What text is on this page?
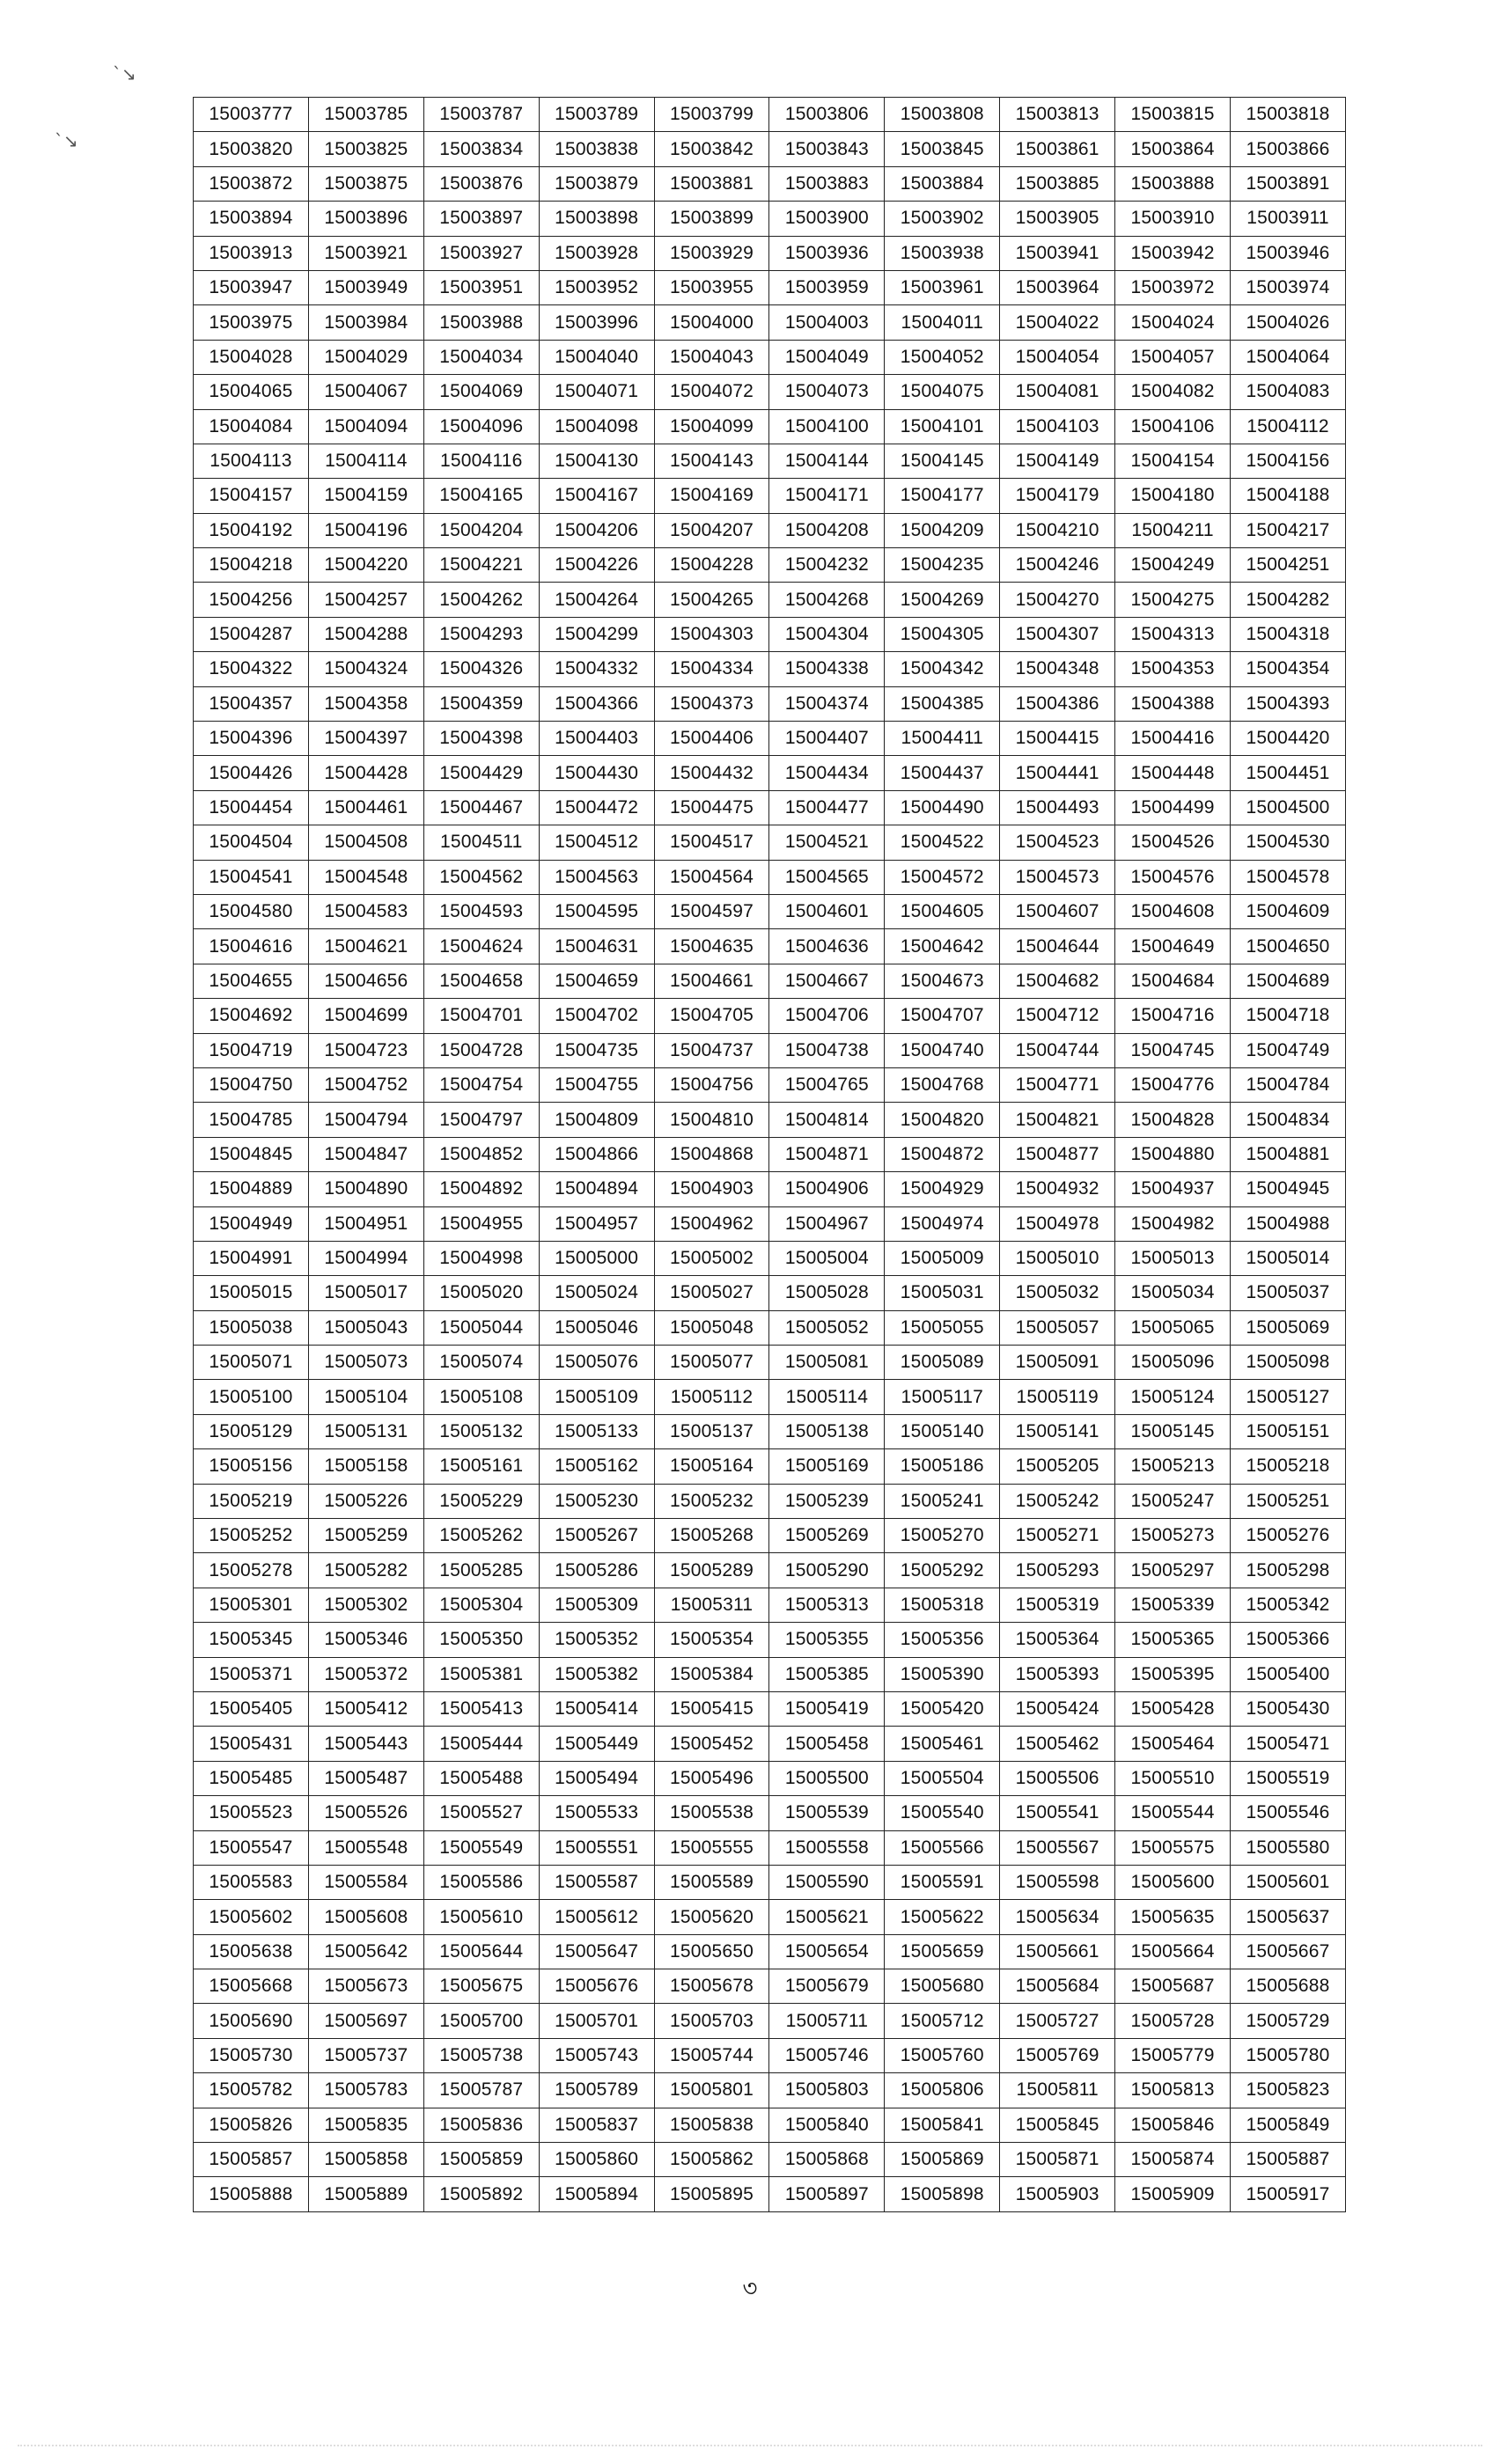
`↘
`↘
15003777	15003785	15003787	15003789	15003799	15003806	15003808	15003813	15003815	15003818
15003820	15003825	15003834	15003838	15003842	15003843	15003845	15003861	15003864	15003866
15003872	15003875	15003876	15003879	15003881	15003883	15003884	15003885	15003888	15003891
15003894	15003896	15003897	15003898	15003899	15003900	15003902	15003905	15003910	15003911
15003913	15003921	15003927	15003928	15003929	15003936	15003938	15003941	15003942	15003946
15003947	15003949	15003951	15003952	15003955	15003959	15003961	15003964	15003972	15003974
15003975	15003984	15003988	15003996	15004000	15004003	15004011	15004022	15004024	15004026
15004028	15004029	15004034	15004040	15004043	15004049	15004052	15004054	15004057	15004064
15004065	15004067	15004069	15004071	15004072	15004073	15004075	15004081	15004082	15004083
15004084	15004094	15004096	15004098	15004099	15004100	15004101	15004103	15004106	15004112
15004113	15004114	15004116	15004130	15004143	15004144	15004145	15004149	15004154	15004156
15004157	15004159	15004165	15004167	15004169	15004171	15004177	15004179	15004180	15004188
15004192	15004196	15004204	15004206	15004207	15004208	15004209	15004210	15004211	15004217
15004218	15004220	15004221	15004226	15004228	15004232	15004235	15004246	15004249	15004251
15004256	15004257	15004262	15004264	15004265	15004268	15004269	15004270	15004275	15004282
15004287	15004288	15004293	15004299	15004303	15004304	15004305	15004307	15004313	15004318
15004322	15004324	15004326	15004332	15004334	15004338	15004342	15004348	15004353	15004354
15004357	15004358	15004359	15004366	15004373	15004374	15004385	15004386	15004388	15004393
15004396	15004397	15004398	15004403	15004406	15004407	15004411	15004415	15004416	15004420
15004426	15004428	15004429	15004430	15004432	15004434	15004437	15004441	15004448	15004451
15004454	15004461	15004467	15004472	15004475	15004477	15004490	15004493	15004499	15004500
15004504	15004508	15004511	15004512	15004517	15004521	15004522	15004523	15004526	15004530
15004541	15004548	15004562	15004563	15004564	15004565	15004572	15004573	15004576	15004578
15004580	15004583	15004593	15004595	15004597	15004601	15004605	15004607	15004608	15004609
15004616	15004621	15004624	15004631	15004635	15004636	15004642	15004644	15004649	15004650
15004655	15004656	15004658	15004659	15004661	15004667	15004673	15004682	15004684	15004689
15004692	15004699	15004701	15004702	15004705	15004706	15004707	15004712	15004716	15004718
15004719	15004723	15004728	15004735	15004737	15004738	15004740	15004744	15004745	15004749
15004750	15004752	15004754	15004755	15004756	15004765	15004768	15004771	15004776	15004784
15004785	15004794	15004797	15004809	15004810	15004814	15004820	15004821	15004828	15004834
15004845	15004847	15004852	15004866	15004868	15004871	15004872	15004877	15004880	15004881
15004889	15004890	15004892	15004894	15004903	15004906	15004929	15004932	15004937	15004945
15004949	15004951	15004955	15004957	15004962	15004967	15004974	15004978	15004982	15004988
15004991	15004994	15004998	15005000	15005002	15005004	15005009	15005010	15005013	15005014
15005015	15005017	15005020	15005024	15005027	15005028	15005031	15005032	15005034	15005037
15005038	15005043	15005044	15005046	15005048	15005052	15005055	15005057	15005065	15005069
15005071	15005073	15005074	15005076	15005077	15005081	15005089	15005091	15005096	15005098
15005100	15005104	15005108	15005109	15005112	15005114	15005117	15005119	15005124	15005127
15005129	15005131	15005132	15005133	15005137	15005138	15005140	15005141	15005145	15005151
15005156	15005158	15005161	15005162	15005164	15005169	15005186	15005205	15005213	15005218
15005219	15005226	15005229	15005230	15005232	15005239	15005241	15005242	15005247	15005251
15005252	15005259	15005262	15005267	15005268	15005269	15005270	15005271	15005273	15005276
15005278	15005282	15005285	15005286	15005289	15005290	15005292	15005293	15005297	15005298
15005301	15005302	15005304	15005309	15005311	15005313	15005318	15005319	15005339	15005342
15005345	15005346	15005350	15005352	15005354	15005355	15005356	15005364	15005365	15005366
15005371	15005372	15005381	15005382	15005384	15005385	15005390	15005393	15005395	15005400
15005405	15005412	15005413	15005414	15005415	15005419	15005420	15005424	15005428	15005430
15005431	15005443	15005444	15005449	15005452	15005458	15005461	15005462	15005464	15005471
15005485	15005487	15005488	15005494	15005496	15005500	15005504	15005506	15005510	15005519
15005523	15005526	15005527	15005533	15005538	15005539	15005540	15005541	15005544	15005546
15005547	15005548	15005549	15005551	15005555	15005558	15005566	15005567	15005575	15005580
15005583	15005584	15005586	15005587	15005589	15005590	15005591	15005598	15005600	15005601
15005602	15005608	15005610	15005612	15005620	15005621	15005622	15005634	15005635	15005637
15005638	15005642	15005644	15005647	15005650	15005654	15005659	15005661	15005664	15005667
15005668	15005673	15005675	15005676	15005678	15005679	15005680	15005684	15005687	15005688
15005690	15005697	15005700	15005701	15005703	15005711	15005712	15005727	15005728	15005729
15005730	15005737	15005738	15005743	15005744	15005746	15005760	15005769	15005779	15005780
15005782	15005783	15005787	15005789	15005801	15005803	15005806	15005811	15005813	15005823
15005826	15005835	15005836	15005837	15005838	15005840	15005841	15005845	15005846	15005849
15005857	15005858	15005859	15005860	15005862	15005868	15005869	15005871	15005874	15005887
15005888	15005889	15005892	15005894	15005895	15005897	15005898	15005903	15005909	15005917
৩
